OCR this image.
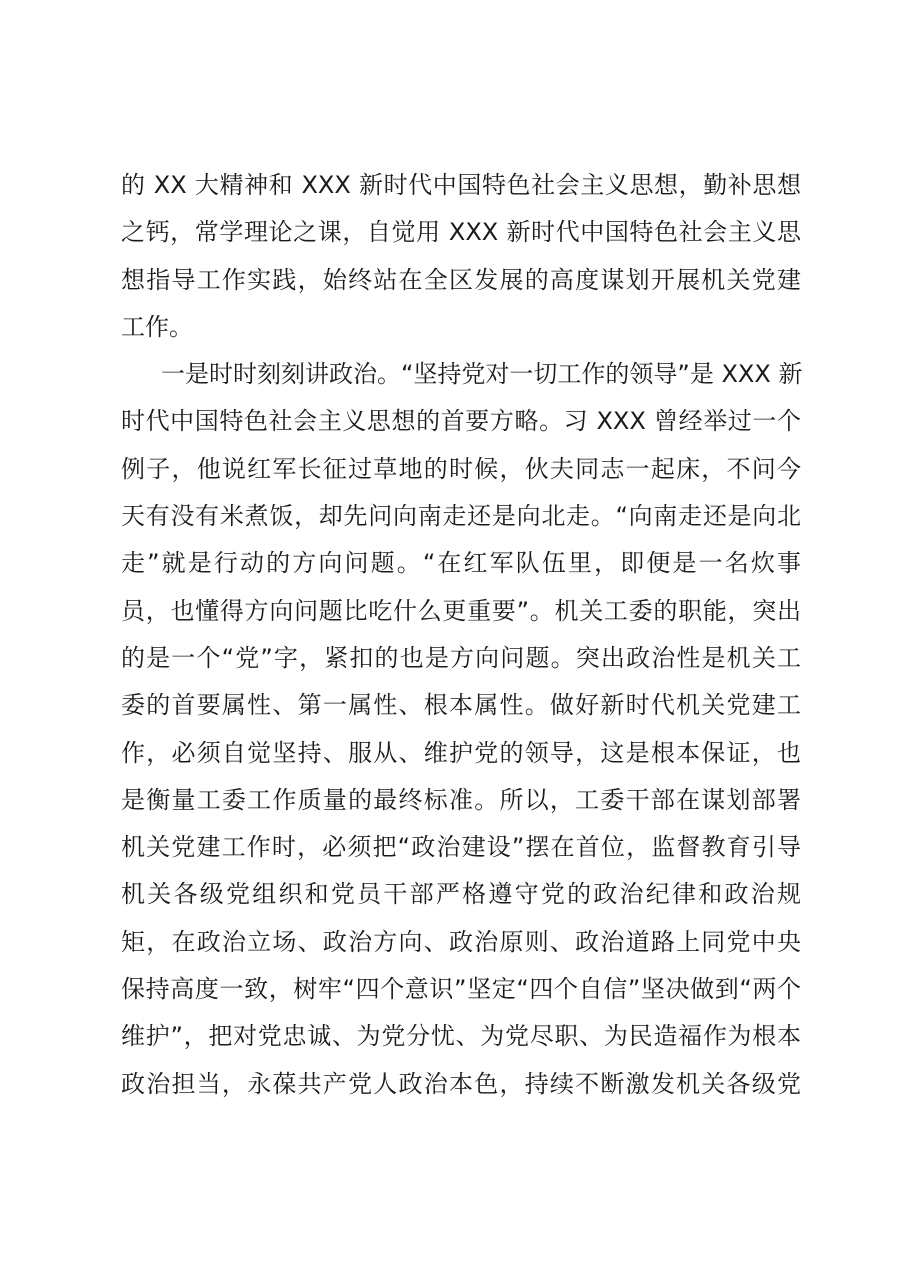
的 XX 大精神和 XXX 新时代中国特色社会主义思想，勤补思想
之钙，常学理论之课，自觉用 XXX 新时代中国特色社会主义思
想指导工作实践，始终站在全区发展的高度谋划开展机关党建
工作。
一是时时刻刻讲政治。“坚持党对一切工作的领导”是 XXX 新
时代中国特色社会主义思想的首要方略。习 XXX 曾经举过一个
例子，他说红军长征过草地的时候，伙夫同志一起床，不问今
天有没有米煮饭，却先问向南走还是向北走。“向南走还是向北
走”就是行动的方向问题。“在红军队伍里，即便是一名炊事
员，也懂得方向问题比吃什么更重要”。机关工委的职能，突出
的是一个“党”字，紧扣的也是方向问题。突出政治性是机关工
委的首要属性、第一属性、根本属性。做好新时代机关党建工
作，必须自觉坚持、服从、维护党的领导，这是根本保证，也
是衡量工委工作质量的最终标准。所以，工委干部在谋划部署
机关党建工作时，必须把“政治建设”摆在首位，监督教育引导
机关各级党组织和党员干部严格遵守党的政治纪律和政治规
矩，在政治立场、政治方向、政治原则、政治道路上同党中央
保持高度一致，树牢“四个意识”坚定“四个自信”坚决做到“两个
维护”，把对党忠诚、为党分忧、为党尽职、为民造福作为根本
政治担当，永葆共产党人政治本色，持续不断激发机关各级党
